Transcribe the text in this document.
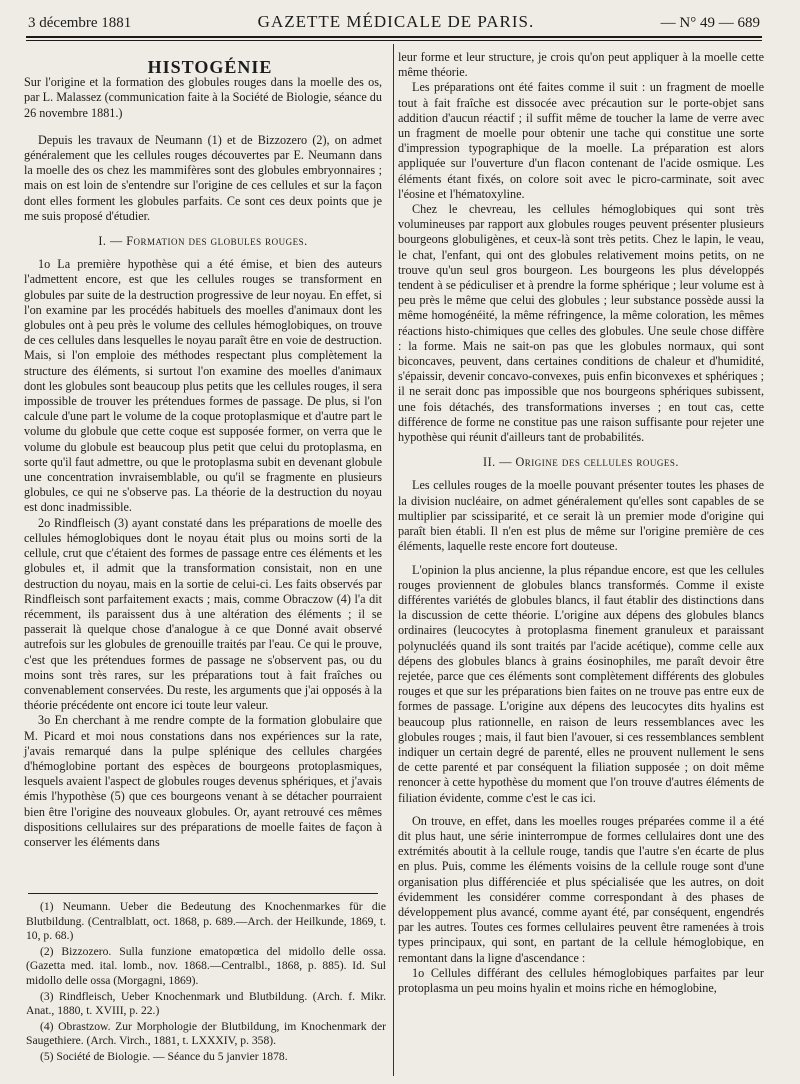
3 décembre 1881	GAZETTE MÉDICALE DE PARIS.	— N° 49 — 689

HISTOGÉNIE

Sur l'origine et la formation des globules rouges dans la moelle des os, par L. Malassez (communication faite à la Société de Biologie, séance du 26 novembre 1881.)

Depuis les travaux de Neumann (1) et de Bizzozero (2), on admet généralement que les cellules rouges découvertes par E. Neumann dans la moelle des os chez les mammifères sont des globules embryonnaires ; mais on est loin de s'entendre sur l'origine de ces cellules et sur la façon dont elles forment les globules parfaits. Ce sont ces deux points que je me suis proposé d'étudier.

I. — Formation des globules rouges.

1o La première hypothèse qui a été émise, et bien des auteurs l'admettent encore, est que les cellules rouges se transforment en globules par suite de la destruction progressive de leur noyau. En effet, si l'on examine par les procédés habituels des moelles d'animaux dont les globules ont à peu près le volume des cellules hémoglobiques, on trouve de ces cellules dans lesquelles le noyau paraît être en voie de destruction. Mais, si l'on emploie des méthodes respectant plus complètement la structure des éléments, si surtout l'on examine des moelles d'animaux dont les globules sont beaucoup plus petits que les cellules rouges, il sera impossible de trouver les prétendues formes de passage. De plus, si l'on calcule d'une part le volume de la coque protoplasmique et d'autre part le volume du globule que cette coque est supposée former, on verra que le volume du globule est beaucoup plus petit que celui du protoplasma, en sorte qu'il faut admettre, ou que le protoplasma subit en devenant globule une concentration invraisemblable, ou qu'il se fragmente en plusieurs globules, ce qui ne s'observe pas. La théorie de la destruction du noyau est donc inadmissible.

2o Rindfleisch (3) ayant constaté dans les préparations de moelle des cellules hémoglobiques dont le noyau était plus ou moins sorti de la cellule, crut que c'étaient des formes de passage entre ces éléments et les globules et, il admit que la transformation consistait, non en une destruction du noyau, mais en la sortie de celui-ci. Les faits observés par Rindfleisch sont parfaitement exacts ; mais, comme Obraczow (4) l'a dit récemment, ils paraissent dus à une altération des éléments ; il se passerait là quelque chose d'analogue à ce que Donné avait observé autrefois sur les globules de grenouille traités par l'eau. Ce qui le prouve, c'est que les prétendues formes de passage ne s'observent pas, ou du moins sont très rares, sur les préparations tout à fait fraîches ou convenablement conservées. Du reste, les arguments que j'ai opposés à la théorie précédente ont encore ici toute leur valeur.

3o En cherchant à me rendre compte de la formation globulaire que M. Picard et moi nous constations dans nos expériences sur la rate, j'avais remarqué dans la pulpe splénique des cellules chargées d'hémoglobine portant des espèces de bourgeons protoplasmiques, lesquels avaient l'aspect de globules rouges devenus sphériques, et j'avais émis l'hypothèse (5) que ces bourgeons venant à se détacher pourraient bien être l'origine des nouveaux globules. Or, ayant retrouvé ces mêmes dispositions cellulaires sur des préparations de moelle faites de façon à conserver les éléments dans

(1) Neumann. Ueber die Bedeutung des Knochenmarkes für die Blutbildung. (Centralblatt, oct. 1868, p. 689.—Arch. der Heilkunde, 1869, t. 10, p. 68.)

(2) Bizzozero. Sulla funzione ematopœtica del midollo delle ossa. (Gazetta med. ital. lomb., nov. 1868.—Centralbl., 1868, p. 885). Id. Sul midollo delle ossa (Morgagni, 1869).

(3) Rindfleisch, Ueber Knochenmark und Blutbildung. (Arch. f. Mikr. Anat., 1880, t. XVIII, p. 22.)

(4) Obrastzow. Zur Morphologie der Blutbildung, im Knochenmark der Saugethiere. (Arch. Virch., 1881, t. LXXXIV, p. 358).

(5) Société de Biologie. — Séance du 5 janvier 1878.

leur forme et leur structure, je crois qu'on peut appliquer à la moelle cette même théorie.

Les préparations ont été faites comme il suit : un fragment de moelle tout à fait fraîche est dissocée avec précaution sur le porte-objet sans addition d'aucun réactif ; il suffit même de toucher la lame de verre avec un fragment de moelle pour obtenir une tache qui constitue une sorte d'impression typographique de la moelle. La préparation est alors appliquée sur l'ouverture d'un flacon contenant de l'acide osmique. Les éléments étant fixés, on colore soit avec le picro-carminate, soit avec l'éosine et l'hématoxyline.

Chez le chevreau, les cellules hémoglobiques qui sont très volumineuses par rapport aux globules rouges peuvent présenter plusieurs bourgeons globuligènes, et ceux-là sont très petits. Chez le lapin, le veau, le chat, l'enfant, qui ont des globules relativement moins petits, on ne trouve qu'un seul gros bourgeon. Les bourgeons les plus développés tendent à se pédiculiser et à prendre la forme sphérique ; leur volume est à peu près le même que celui des globules ; leur substance possède aussi la même homogénéité, la même réfringence, la même coloration, les mêmes réactions histo-chimiques que celles des globules. Une seule chose diffère : la forme. Mais ne sait-on pas que les globules normaux, qui sont biconcaves, peuvent, dans certaines conditions de chaleur et d'humidité, s'épaissir, devenir concavo-convexes, puis enfin biconvexes et sphériques ; il ne serait donc pas impossible que nos bourgeons sphériques subissent, une fois détachés, des transformations inverses ; en tout cas, cette différence de forme ne constitue pas une raison suffisante pour rejeter une hypothèse qui réunit d'ailleurs tant de probabilités.

II. — Origine des cellules rouges.

Les cellules rouges de la moelle pouvant présenter toutes les phases de la division nucléaire, on admet généralement qu'elles sont capables de se multiplier par scissiparité, et ce serait là un premier mode d'origine qui paraît bien établi. Il n'en est plus de même sur l'origine première de ces éléments, laquelle reste encore fort douteuse.

L'opinion la plus ancienne, la plus répandue encore, est que les cellules rouges proviennent de globules blancs transformés. Comme il existe différentes variétés de globules blancs, il faut établir des distinctions dans la discussion de cette théorie. L'origine aux dépens des globules blancs ordinaires (leucocytes à protoplasma finement granuleux et paraissant polynucléés quand ils sont traités par l'acide acétique), comme celle aux dépens des globules blancs à grains éosinophiles, me paraît devoir être rejetée, parce que ces éléments sont complètement différents des globules rouges et que sur les préparations bien faites on ne trouve pas entre eux de formes de passage. L'origine aux dépens des leucocytes dits hyalins est beaucoup plus rationnelle, en raison de leurs ressemblances avec les globules rouges ; mais, il faut bien l'avouer, si ces ressemblances semblent indiquer un certain degré de parenté, elles ne prouvent nullement le sens de cette parenté et par conséquent la filiation supposée ; on doit même renoncer à cette hypothèse du moment que l'on trouve d'autres éléments de filiation évidente, comme c'est le cas ici.

On trouve, en effet, dans les moelles rouges préparées comme il a été dit plus haut, une série ininterrompue de formes cellulaires dont une des extrémités aboutit à la cellule rouge, tandis que l'autre s'en écarte de plus en plus. Puis, comme les éléments voisins de la cellule rouge sont d'une organisation plus différenciée et plus spécialisée que les autres, on doit évidemment les considérer comme correspondant à des phases de développement plus avancé, comme ayant été, par conséquent, engendrés par les autres. Toutes ces formes cellulaires peuvent être ramenées à trois types principaux, qui sont, en partant de la cellule hémoglobique, en remontant dans la ligne d'ascendance :

1o Cellules différant des cellules hémoglobiques parfaites par leur protoplasma un peu moins hyalin et moins riche en hémoglobine,
